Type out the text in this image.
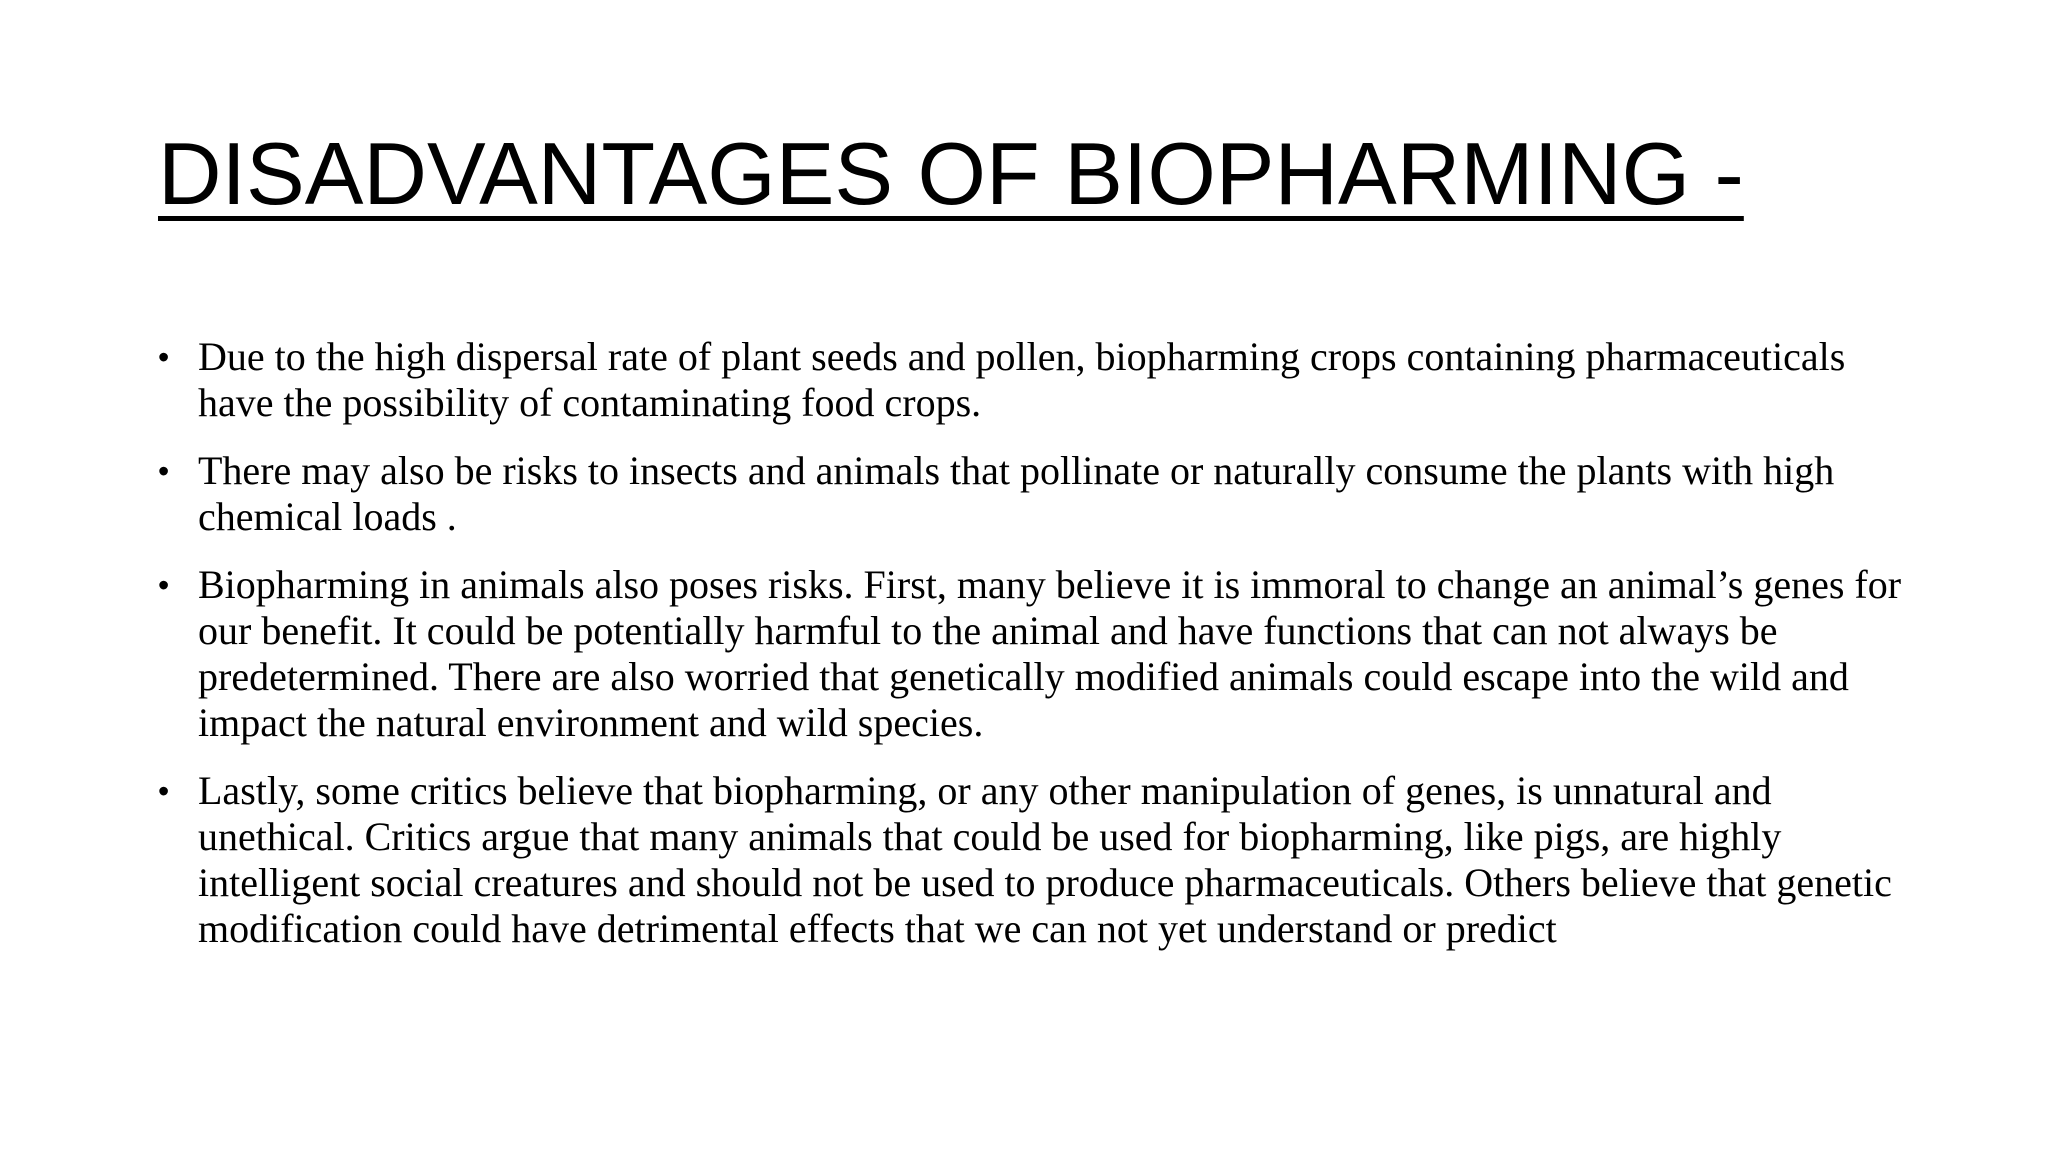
DISADVANTAGES OF BIOPHARMING -
• Due to the high dispersal rate of plant seeds and pollen, biopharming crops containing pharmaceuticals have the possibility of contaminating food crops.
• There may also be risks to insects and animals that pollinate or naturally consume the plants with high chemical loads .
• Biopharming in animals also poses risks. First, many believe it is immoral to change an animal’s genes for our benefit. It could be potentially harmful to the animal and have functions that can not always be predetermined. There are also worried that genetically modified animals could escape into the wild and impact the natural environment and wild species.
• Lastly, some critics believe that biopharming, or any other manipulation of genes, is unnatural and unethical. Critics argue that many animals that could be used for biopharming, like pigs, are highly intelligent social creatures and should not be used to produce pharmaceuticals. Others believe that genetic modification could have detrimental effects that we can not yet understand or predict
